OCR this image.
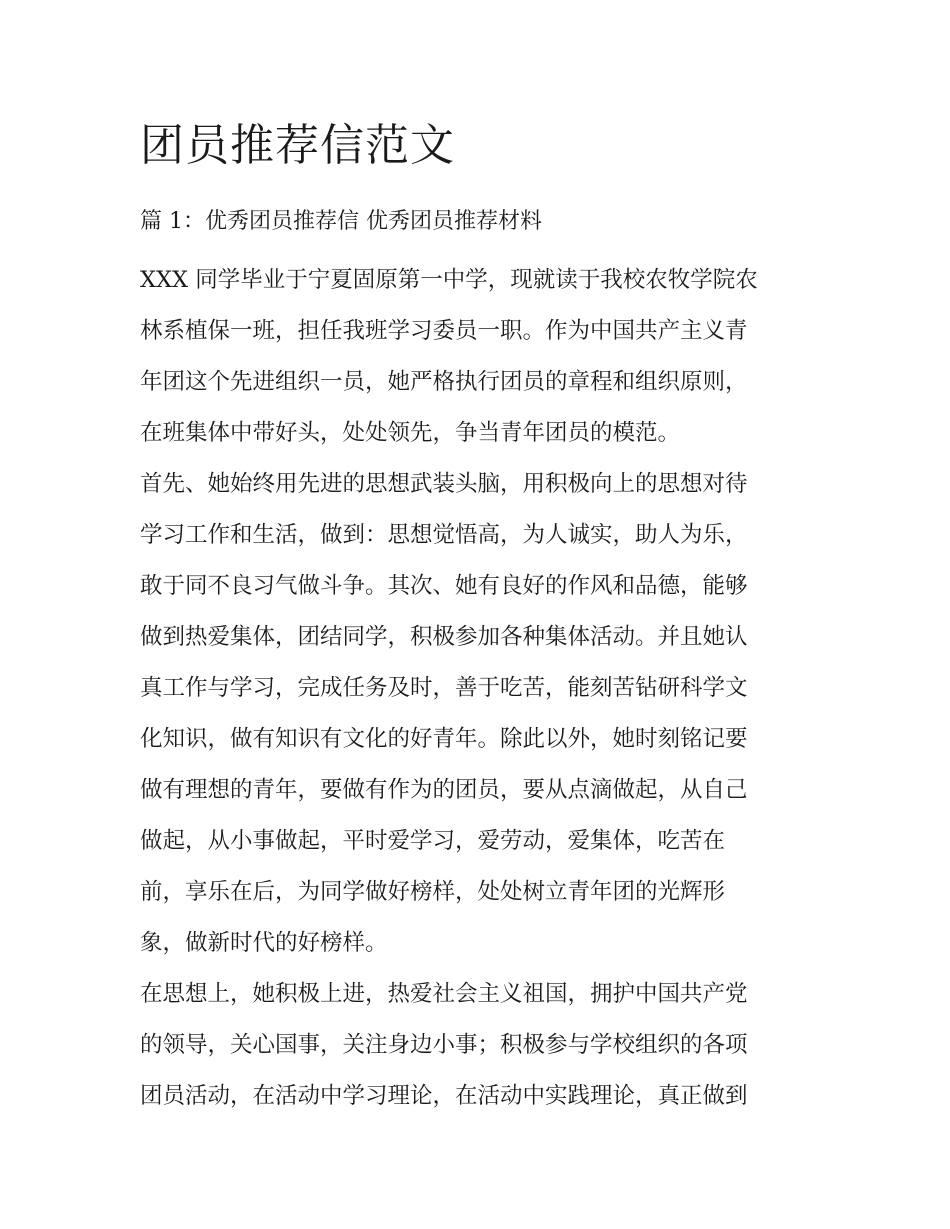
团员推荐信范文

篇 1：优秀团员推荐信 优秀团员推荐材料

XXX 同学毕业于宁夏固原第一中学，现就读于我校农牧学院农
林系植保一班，担任我班学习委员一职。作为中国共产主义青
年团这个先进组织一员，她严格执行团员的章程和组织原则，
在班集体中带好头，处处领先，争当青年团员的模范。
首先、她始终用先进的思想武装头脑，用积极向上的思想对待
学习工作和生活，做到：思想觉悟高，为人诚实，助人为乐，
敢于同不良习气做斗争。其次、她有良好的作风和品德，能够
做到热爱集体，团结同学，积极参加各种集体活动。并且她认
真工作与学习，完成任务及时，善于吃苦，能刻苦钻研科学文
化知识，做有知识有文化的好青年。除此以外，她时刻铭记要
做有理想的青年，要做有作为的团员，要从点滴做起，从自己
做起，从小事做起，平时爱学习，爱劳动，爱集体，吃苦在
前，享乐在后，为同学做好榜样，处处树立青年团的光辉形
象，做新时代的好榜样。
在思想上，她积极上进，热爱社会主义祖国，拥护中国共产党
的领导，关心国事，关注身边小事；积极参与学校组织的各项
团员活动，在活动中学习理论，在活动中实践理论，真正做到
